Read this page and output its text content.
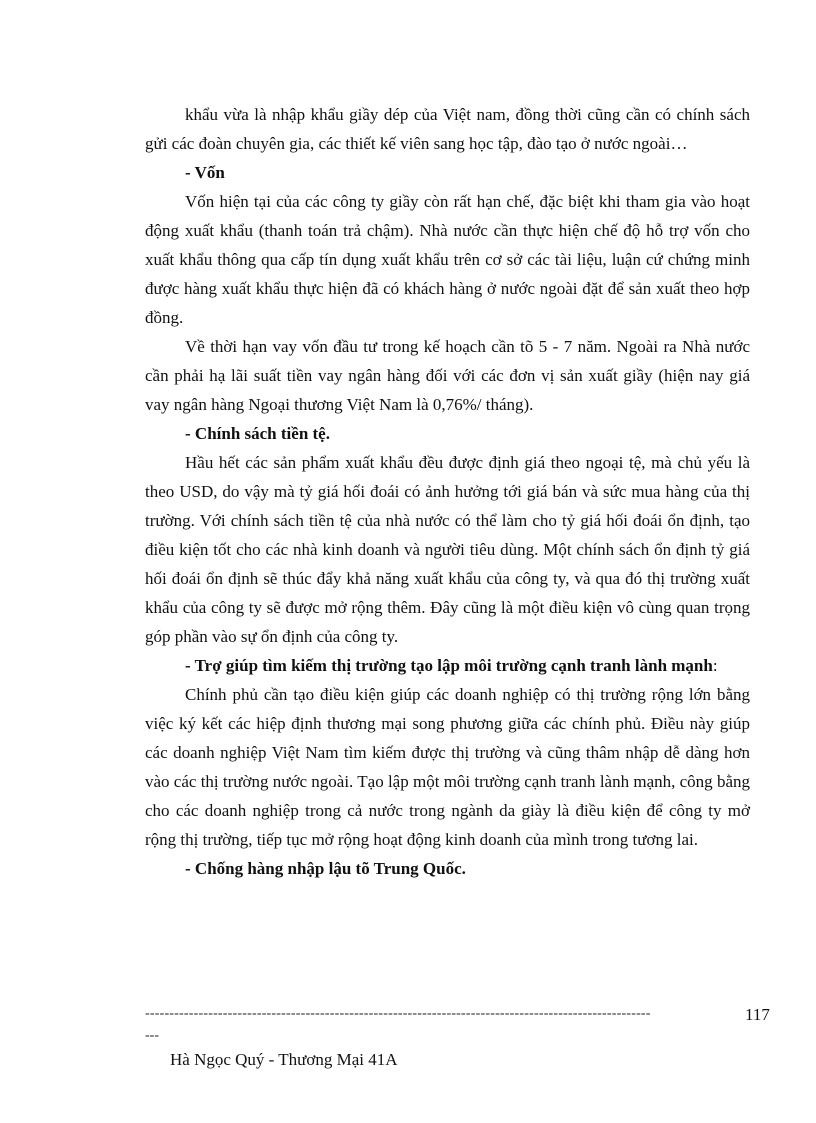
khẩu vừa là nhập khẩu giầy dép của Việt nam, đồng thời cũng cần có chính sách gửi các đoàn chuyên gia, các thiết kế viên sang học tập, đào tạo ở nước ngoài…

- Vốn

Vốn hiện tại của các công ty giầy còn rất hạn chế, đặc biệt khi tham gia vào hoạt động xuất khẩu (thanh toán trả chậm). Nhà nước cần thực hiện chế độ hỗ trợ vốn cho xuất khẩu thông qua cấp tín dụng xuất khẩu trên cơ sở các tài liệu, luận cứ chứng minh được hàng xuất khẩu thực hiện đã có khách hàng ở nước ngoài đặt để sản xuất theo hợp đồng.

Về thời hạn vay vốn đầu tư trong kế hoạch cần tõ 5 - 7 năm. Ngoài ra Nhà nước cần phải hạ lãi suất tiền vay ngân hàng đối với các đơn vị sản xuất giầy (hiện nay giá vay ngân hàng Ngoại thương Việt Nam là 0,76%/ tháng).

- Chính sách tiền tệ.

Hầu hết các sản phẩm xuất khẩu đều được định giá theo ngoại tệ, mà chủ yếu là theo USD, do vậy mà tỷ giá hối đoái có ảnh hưởng tới giá bán và sức mua hàng của thị trường. Với chính sách tiền tệ của nhà nước có thể làm cho tỷ giá hối đoái ổn định, tạo điều kiện tốt cho các nhà kinh doanh và người tiêu dùng. Một chính sách ổn định tỷ giá hối đoái ổn định sẽ thúc đẩy khả năng xuất khẩu của công ty, và qua đó thị trường xuất khẩu của công ty sẽ được mở rộng thêm. Đây cũng là một điều kiện vô cùng quan trọng góp phần vào sự ổn định của công ty.

- Trợ giúp tìm kiếm thị trường tạo lập môi trường cạnh tranh lành mạnh:

Chính phủ cần tạo điều kiện giúp các doanh nghiệp có thị trường rộng lớn bằng việc ký kết các hiệp định thương mại song phương giữa các chính phủ. Điều này giúp các doanh nghiệp Việt Nam tìm kiếm được thị trường và cũng thâm nhập dễ dàng hơn vào các thị trường nước ngoài. Tạo lập một môi trường cạnh tranh lành mạnh, công bằng cho các doanh nghiệp trong cả nước trong ngành da giày là điều kiện để công ty mở rộng thị trường, tiếp tục mở rộng hoạt động kinh doanh của mình trong tương lai.

- Chống hàng nhập lậu tõ Trung Quốc.

--------------------------------------------------------------------------------------------------------
---
117
Hà Ngọc Quý - Thương Mại 41A
